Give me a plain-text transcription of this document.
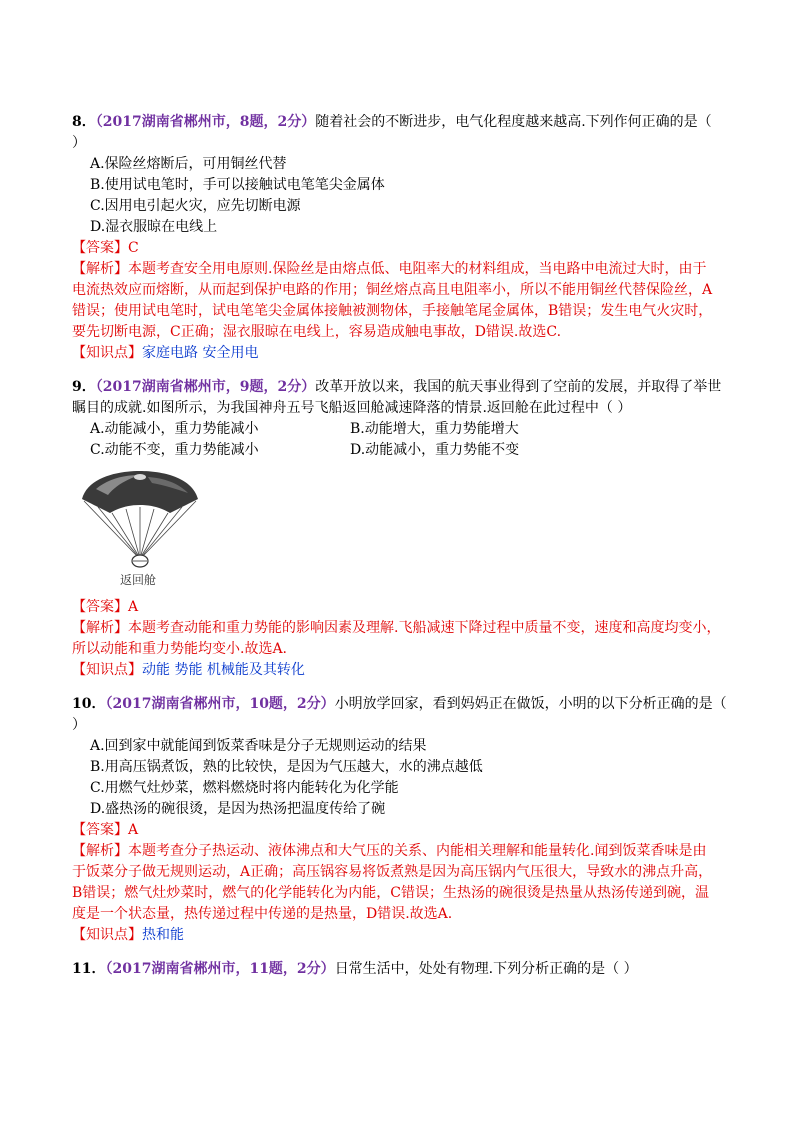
8．（2017湖南省郴州市，8题，2分）随着社会的不断进步，电气化程度越来越高.下列作何正确的是（
）
A.保险丝熔断后，可用铜丝代替
B.使用试电笔时，手可以接触试电笔笔尖金属体
C.因用电引起火灾，应先切断电源
D.湿衣服晾在电线上
【答案】C
【解析】本题考查安全用电原则.保险丝是由熔点低、电阻率大的材料组成，当电路中电流过大时，由于
电流热效应而熔断，从而起到保护电路的作用；铜丝熔点高且电阻率小，所以不能用铜丝代替保险丝，A
错误；使用试电笔时，试电笔笔尖金属体接触被测物体，手接触笔尾金属体，B错误；发生电气火灾时，
要先切断电源，C正确；湿衣服晾在电线上，容易造成触电事故，D错误.故选C.
【知识点】家庭电路 安全用电
9．（2017湖南省郴州市，9题，2分）改革开放以来，我国的航天事业得到了空前的发展，并取得了举世
瞩目的成就.如图所示，为我国神舟五号飞船返回舱减速降落的情景.返回舱在此过程中（ ）
A.动能减小，重力势能减小	B.动能增大，重力势能增大
C.动能不变，重力势能减小	D.动能减小，重力势能不变
返回舱
【答案】A
【解析】本题考查动能和重力势能的影响因素及理解.飞船减速下降过程中质量不变，速度和高度均变小，
所以动能和重力势能均变小.故选A.
【知识点】动能 势能 机械能及其转化
10．（2017湖南省郴州市，10题，2分）小明放学回家，看到妈妈正在做饭，小明的以下分析正确的是（
）
A.回到家中就能闻到饭菜香味是分子无规则运动的结果
B.用高压锅煮饭，熟的比较快，是因为气压越大，水的沸点越低
C.用燃气灶炒菜，燃料燃烧时将内能转化为化学能
D.盛热汤的碗很烫，是因为热汤把温度传给了碗
【答案】A
【解析】本题考查分子热运动、液体沸点和大气压的关系、内能相关理解和能量转化.闻到饭菜香味是由
于饭菜分子做无规则运动，A正确；高压锅容易将饭煮熟是因为高压锅内气压很大，导致水的沸点升高，
B错误；燃气灶炒菜时，燃气的化学能转化为内能，C错误；生热汤的碗很烫是热量从热汤传递到碗，温
度是一个状态量，热传递过程中传递的是热量，D错误.故选A.
【知识点】热和能
11．（2017湖南省郴州市，11题，2分）日常生活中，处处有物理.下列分析正确的是（ ）
